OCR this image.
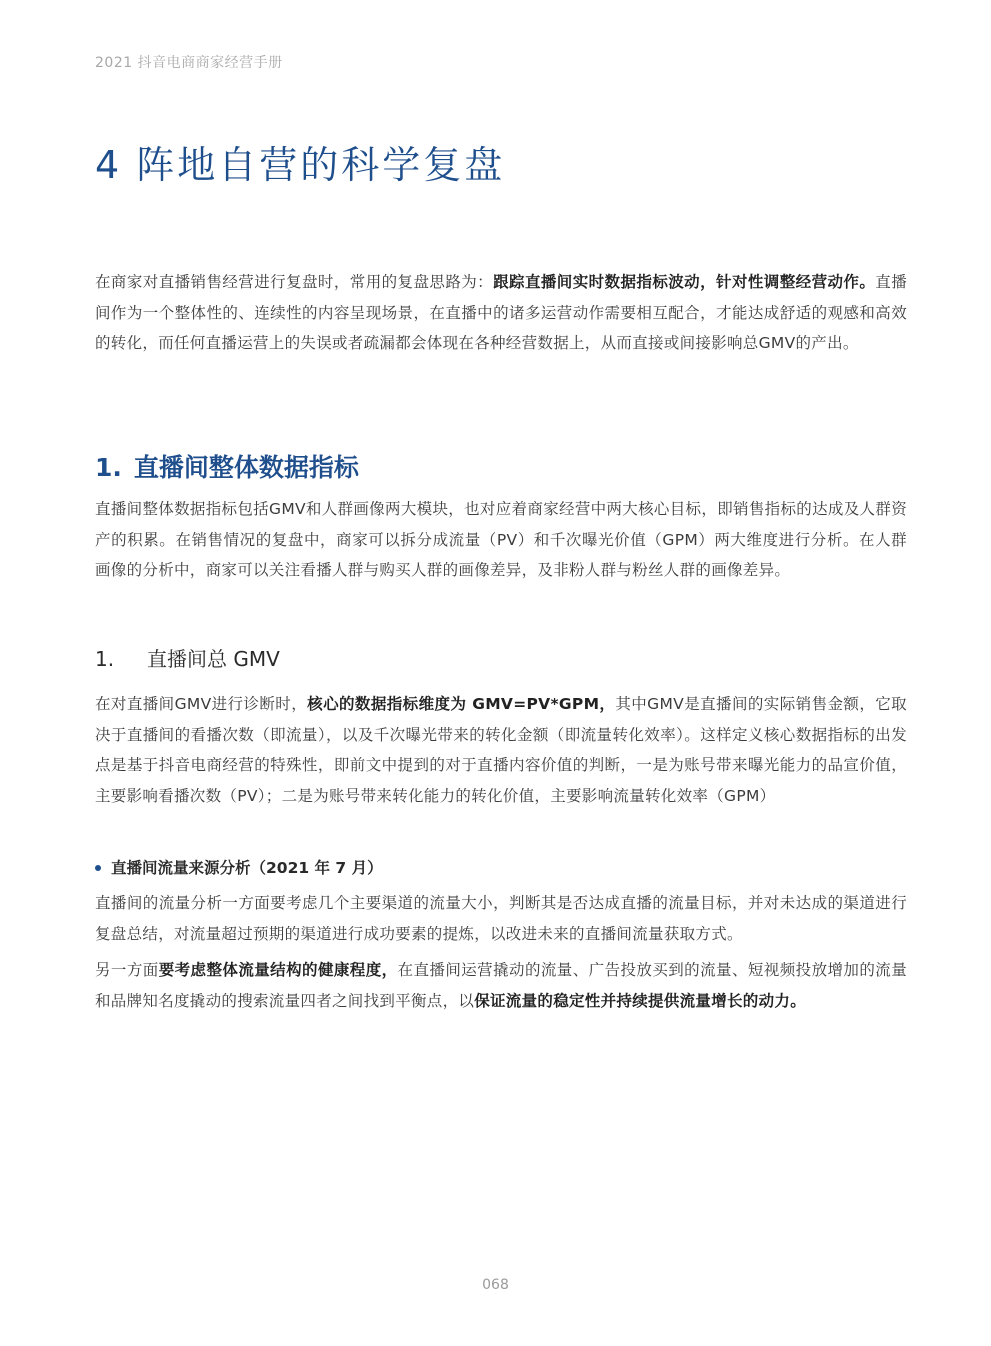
2021 抖音电商商家经营手册
4 阵地自营的科学复盘

在商家对直播销售经营进行复盘时，常用的复盘思路为：跟踪直播间实时数据指标波动，针对性调整经营动作。直播间作为一个整体性的、连续性的内容呈现场景，在直播中的诸多运营动作需要相互配合，才能达成舒适的观感和高效的转化，而任何直播运营上的失误或者疏漏都会体现在各种经营数据上，从而直接或间接影响总GMV的产出。

1. 直播间整体数据指标

直播间整体数据指标包括GMV和人群画像两大模块，也对应着商家经营中两大核心目标，即销售指标的达成及人群资产的积累。在销售情况的复盘中，商家可以拆分成流量（PV）和千次曝光价值（GPM）两大维度进行分析。在人群画像的分析中，商家可以关注看播人群与购买人群的画像差异，及非粉人群与粉丝人群的画像差异。

1. 直播间总 GMV

在对直播间GMV进行诊断时，核心的数据指标维度为 GMV=PV*GPM，其中GMV是直播间的实际销售金额，它取决于直播间的看播次数（即流量），以及千次曝光带来的转化金额（即流量转化效率）。这样定义核心数据指标的出发点是基于抖音电商经营的特殊性，即前文中提到的对于直播内容价值的判断，一是为账号带来曝光能力的品宣价值，主要影响看播次数（PV）；二是为账号带来转化能力的转化价值，主要影响流量转化效率（GPM）

直播间流量来源分析（2021 年 7 月）

直播间的流量分析一方面要考虑几个主要渠道的流量大小，判断其是否达成直播的流量目标，并对未达成的渠道进行复盘总结，对流量超过预期的渠道进行成功要素的提炼，以改进未来的直播间流量获取方式。

另一方面要考虑整体流量结构的健康程度，在直播间运营撬动的流量、广告投放买到的流量、短视频投放增加的流量和品牌知名度撬动的搜索流量四者之间找到平衡点，以保证流量的稳定性并持续提供流量增长的动力。

068
